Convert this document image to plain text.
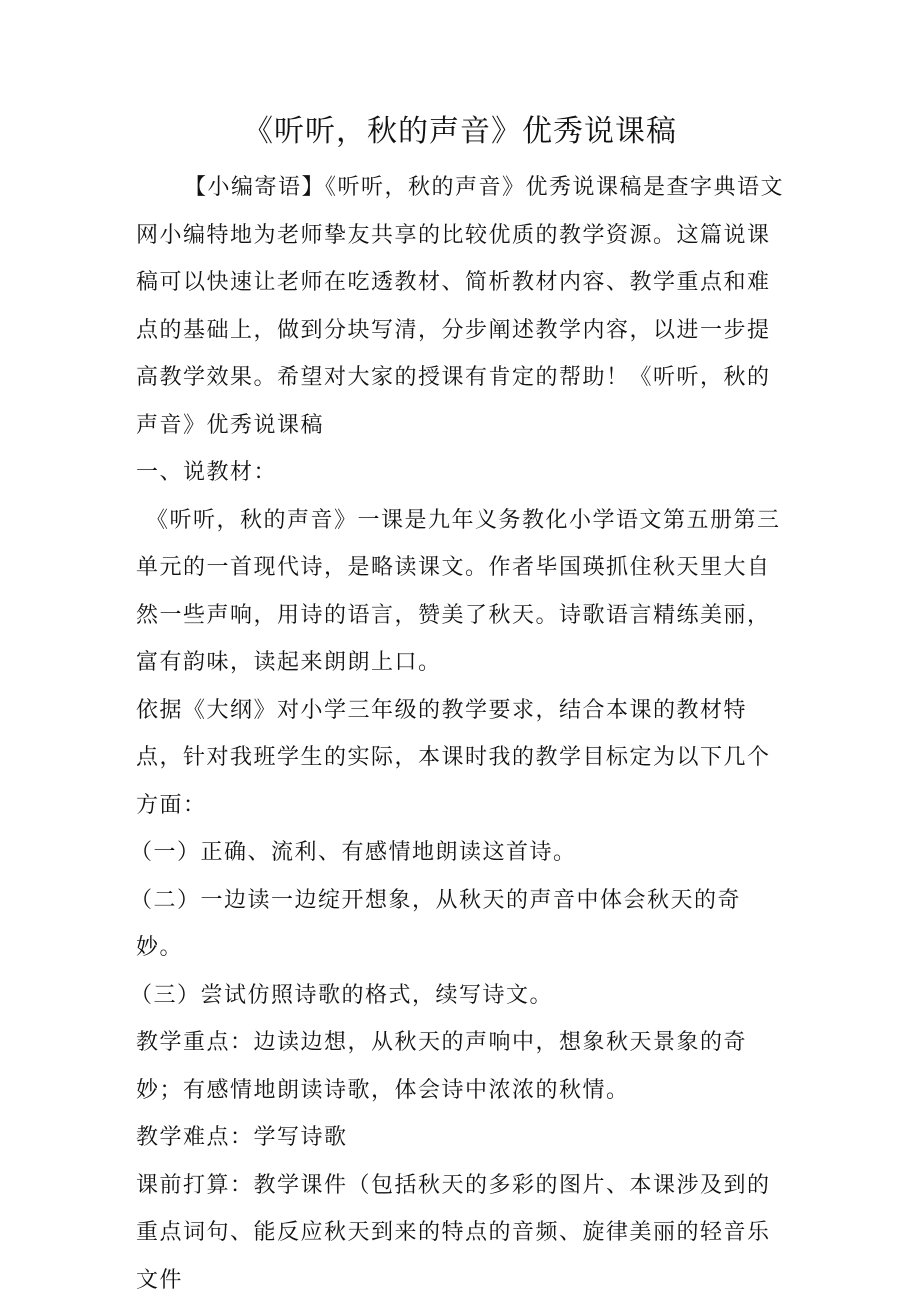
《听听，秋的声音》优秀说课稿

【小编寄语】《听听，秋的声音》优秀说课稿是查字典语文网小编特地为老师挚友共享的比较优质的教学资源。这篇说课稿可以快速让老师在吃透教材、简析教材内容、教学重点和难点的基础上，做到分块写清，分步阐述教学内容，以进一步提高教学效果。希望对大家的授课有肯定的帮助！《听听，秋的声音》优秀说课稿

一、说教材：

《听听，秋的声音》一课是九年义务教化小学语文第五册第三单元的一首现代诗，是略读课文。作者毕国瑛抓住秋天里大自然一些声响，用诗的语言，赞美了秋天。诗歌语言精练美丽，富有韵味，读起来朗朗上口。

依据《大纲》对小学三年级的教学要求，结合本课的教材特点，针对我班学生的实际，本课时我的教学目标定为以下几个方面：

（一）正确、流利、有感情地朗读这首诗。

（二）一边读一边绽开想象，从秋天的声音中体会秋天的奇妙。

（三）尝试仿照诗歌的格式，续写诗文。

教学重点：边读边想，从秋天的声响中，想象秋天景象的奇妙；有感情地朗读诗歌，体会诗中浓浓的秋情。

教学难点：学写诗歌

课前打算：教学课件（包括秋天的多彩的图片、本课涉及到的重点词句、能反应秋天到来的特点的音频、旋律美丽的轻音乐文件
